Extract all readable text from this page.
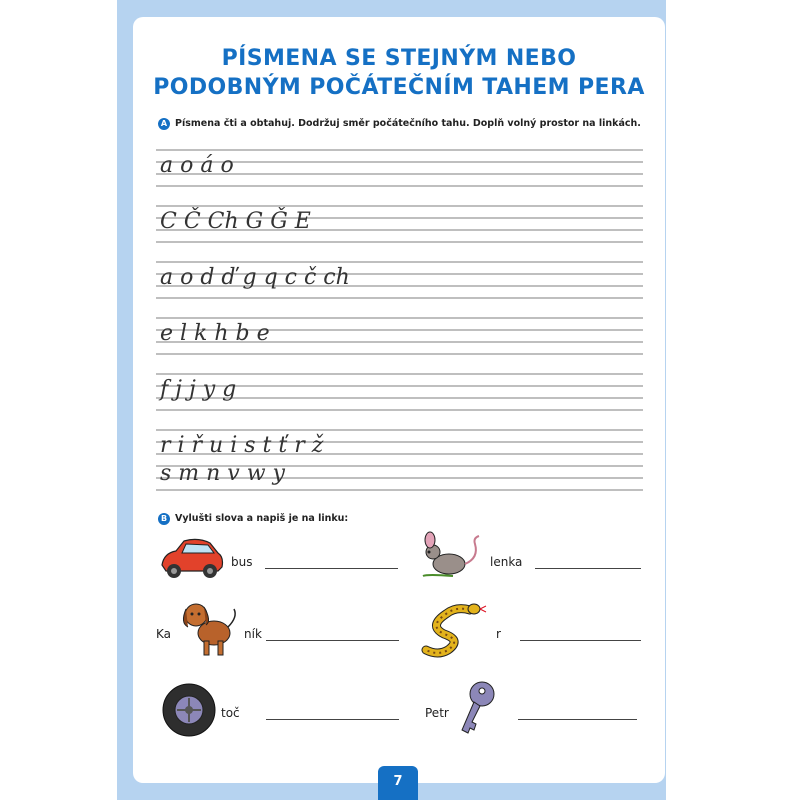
PÍSMENA SE STEJNÝM NEBO
PODOBNÝM POČÁTEČNÍM TAHEM PERA
A Písmena čti a obtahuj. Dodržuj směr počátečního tahu. Doplň volný prostor na linkách.
a o á o
C Č Ch G Ǧ E
a o d ď g q c č ch
e l k h b e
f j j y g
r i ř u i s t ť r ž
s m n v w y
B Vylušti slova a napiš je na linku:
bus	lenka
Ka	ník	r
toč	Petr
7
